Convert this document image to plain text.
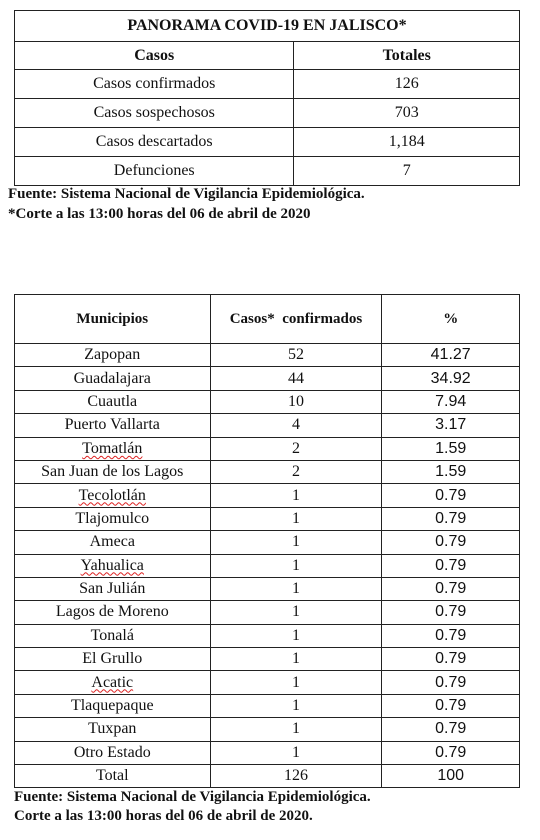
PANORAMA COVID-19 EN JALISCO*	
Casos	Totales
Casos confirmados	126
Casos sospechosos	703
Casos descartados	1,184
Defunciones	7
Fuente: Sistema Nacional de Vigilancia Epidemiológica.
*Corte a las 13:00 horas del 06 de abril de 2020
Municipios	Casos*  confirmados	%
Zapopan	52	41.27
Guadalajara	44	34.92
Cuautla	10	7.94
Puerto Vallarta	4	3.17
Tomatlán	2	1.59
San Juan de los Lagos	2	1.59
Tecolotlán	1	0.79
Tlajomulco	1	0.79
Ameca	1	0.79
Yahualica	1	0.79
San Julián	1	0.79
Lagos de Moreno	1	0.79
Tonalá	1	0.79
El Grullo	1	0.79
Acatic	1	0.79
Tlaquepaque	1	0.79
Tuxpan	1	0.79
Otro Estado	1	0.79
Total	126	100
Fuente: Sistema Nacional de Vigilancia Epidemiológica.
Corte a las 13:00 horas del 06 de abril de 2020.
